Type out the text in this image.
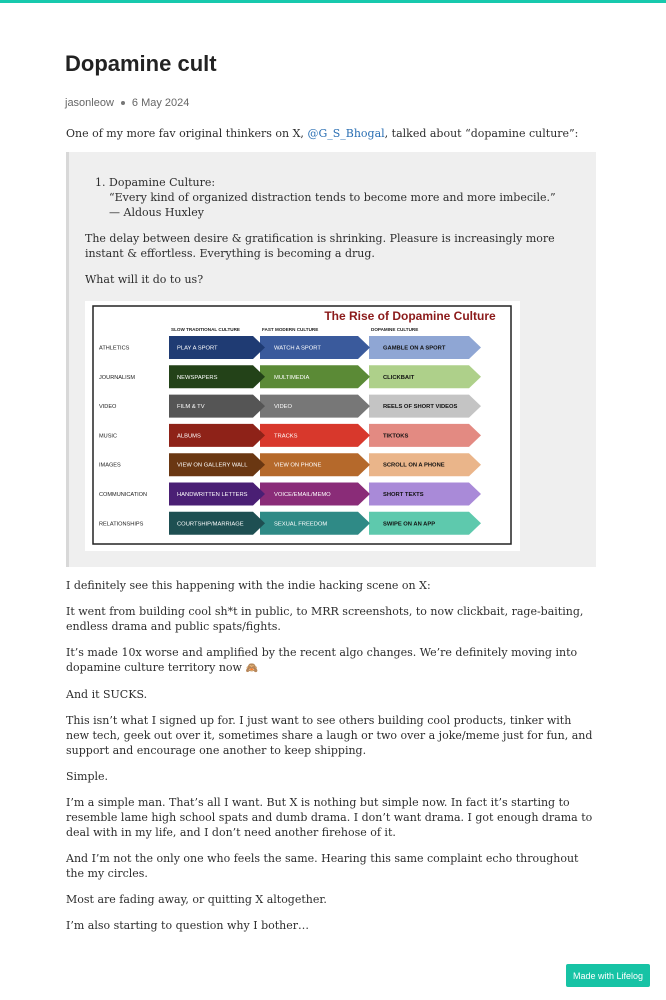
Dopamine cult
jasonleow 6 May 2024

One of my more fav original thinkers on X, @G_S_Bhogal, talked about “dopamine culture”:

1. Dopamine Culture:

“Every kind of organized distraction tends to become more and more imbecile.”

— Aldous Huxley

The delay between desire & gratification is shrinking. Pleasure is increasingly more instant & effortless. Everything is becoming a drug.

What will it do to us?

The Rise of Dopamine Culture
SLOW TRADITIONAL CULTURE	FAST MODERN CULTURE	DOPAMINE CULTURE
ATHLETICS	PLAY A SPORT	WATCH A SPORT	GAMBLE ON A SPORT
JOURNALISM	NEWSPAPERS	MULTIMEDIA	CLICKBAIT
VIDEO	FILM & TV	VIDEO	REELS OF SHORT VIDEOS
MUSIC	ALBUMS	TRACKS	TIKTOKS
IMAGES	VIEW ON GALLERY WALL	VIEW ON PHONE	SCROLL ON A PHONE
COMMUNICATION	HANDWRITTEN LETTERS	VOICE/EMAIL/MEMO	SHORT TEXTS
RELATIONSHIPS	COURTSHIP/MARRIAGE	SEXUAL FREEDOM	SWIPE ON AN APP

I definitely see this happening with the indie hacking scene on X:

It went from building cool sh*t in public, to MRR screenshots, to now clickbait, rage-baiting, endless drama and public spats/fights.

It’s made 10x worse and amplified by the recent algo changes. We’re definitely moving into dopamine culture territory now 🙈

And it SUCKS.

This isn’t what I signed up for. I just want to see others building cool products, tinker with new tech, geek out over it, sometimes share a laugh or two over a joke/meme just for fun, and support and encourage one another to keep shipping.

Simple.

I’m a simple man. That’s all I want. But X is nothing but simple now. In fact it’s starting to resemble lame high school spats and dumb drama. I don’t want drama. I got enough drama to deal with in my life, and I don’t need another firehose of it.

And I’m not the only one who feels the same. Hearing this same complaint echo throughout the my circles.

Most are fading away, or quitting X altogether.

I’m also starting to question why I bother…

Made with Lifelog
